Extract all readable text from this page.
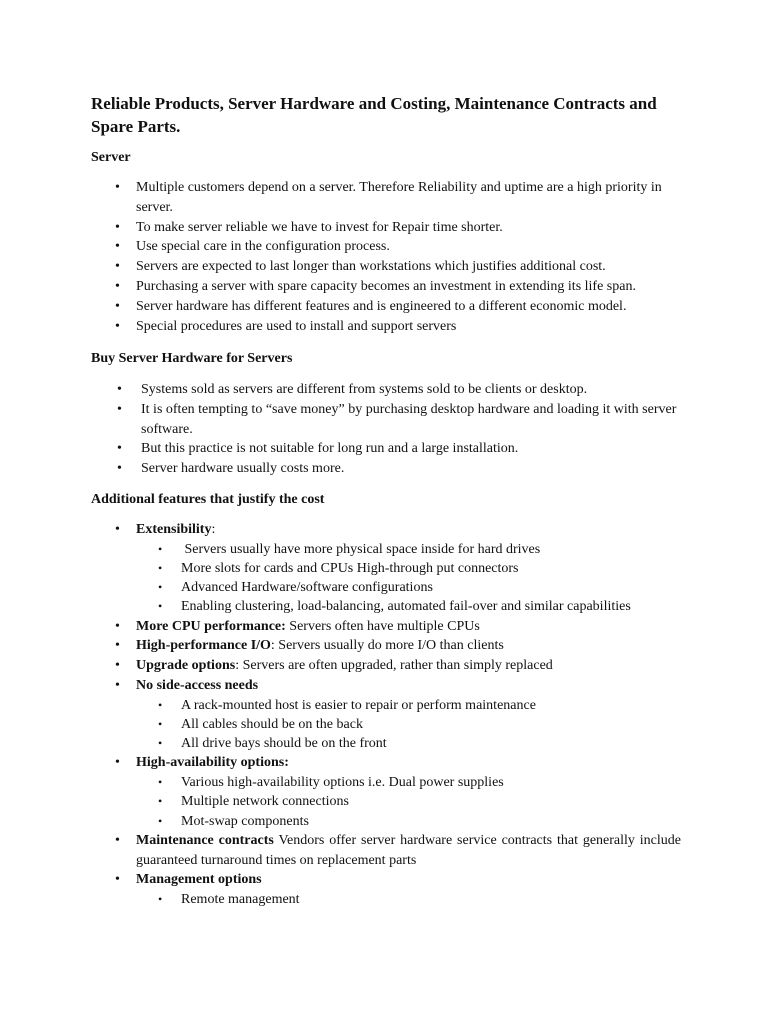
Reliable Products, Server Hardware and Costing, Maintenance Contracts and Spare Parts.
Server
• Multiple customers depend on a server. Therefore Reliability and uptime are a high priority in server.
• To make server reliable we have to invest for Repair time shorter.
• Use special care in the configuration process.
• Servers are expected to last longer than workstations which justifies additional cost.
• Purchasing a server with spare capacity becomes an investment in extending its life span.
• Server hardware has different features and is engineered to a different economic model.
• Special procedures are used to install and support servers
Buy Server Hardware for Servers
• Systems sold as servers are different from systems sold to be clients or desktop.
• It is often tempting to “save money” by purchasing desktop hardware and loading it with server software.
• But this practice is not suitable for long run and a large installation.
• Server hardware usually costs more.
Additional features that justify the cost
• Extensibility:
•  Servers usually have more physical space inside for hard drives
• More slots for cards and CPUs High-through put connectors
• Advanced Hardware/software configurations
• Enabling clustering, load-balancing, automated fail-over and similar capabilities
• More CPU performance: Servers often have multiple CPUs
• High-performance I/O: Servers usually do more I/O than clients
• Upgrade options: Servers are often upgraded, rather than simply replaced
• No side-access needs
• A rack-mounted host is easier to repair or perform maintenance
• All cables should be on the back
• All drive bays should be on the front
• High-availability options:
• Various high-availability options i.e. Dual power supplies
• Multiple network connections
• Mot-swap components
• Maintenance contracts Vendors offer server hardware service contracts that generally include guaranteed turnaround times on replacement parts
• Management options
• Remote management
